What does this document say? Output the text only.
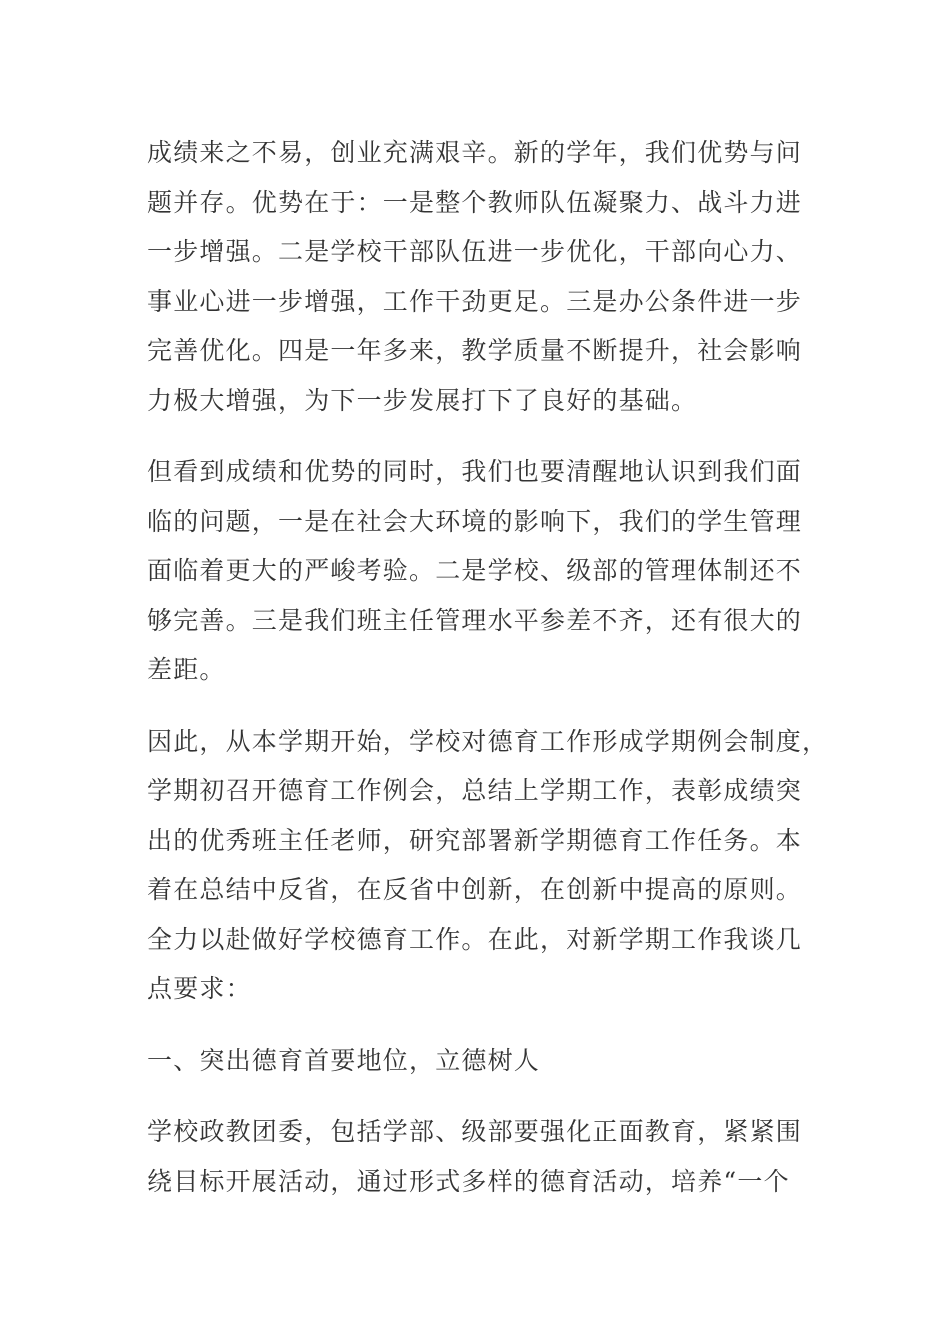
成绩来之不易，创业充满艰辛。新的学年，我们优势与问
题并存。优势在于：一是整个教师队伍凝聚力、战斗力进
一步增强。二是学校干部队伍进一步优化，干部向心力、
事业心进一步增强，工作干劲更足。三是办公条件进一步
完善优化。四是一年多来，教学质量不断提升，社会影响
力极大增强，为下一步发展打下了良好的基础。

但看到成绩和优势的同时，我们也要清醒地认识到我们面
临的问题，一是在社会大环境的影响下，我们的学生管理
面临着更大的严峻考验。二是学校、级部的管理体制还不
够完善。三是我们班主任管理水平参差不齐，还有很大的
差距。

因此，从本学期开始，学校对德育工作形成学期例会制度，
学期初召开德育工作例会，总结上学期工作，表彰成绩突
出的优秀班主任老师，研究部署新学期德育工作任务。本
着在总结中反省，在反省中创新，在创新中提高的原则。
全力以赴做好学校德育工作。在此，对新学期工作我谈几
点要求：

一、突出德育首要地位，立德树人

学校政教团委，包括学部、级部要强化正面教育，紧紧围
绕目标开展活动，通过形式多样的德育活动，培养“一个
